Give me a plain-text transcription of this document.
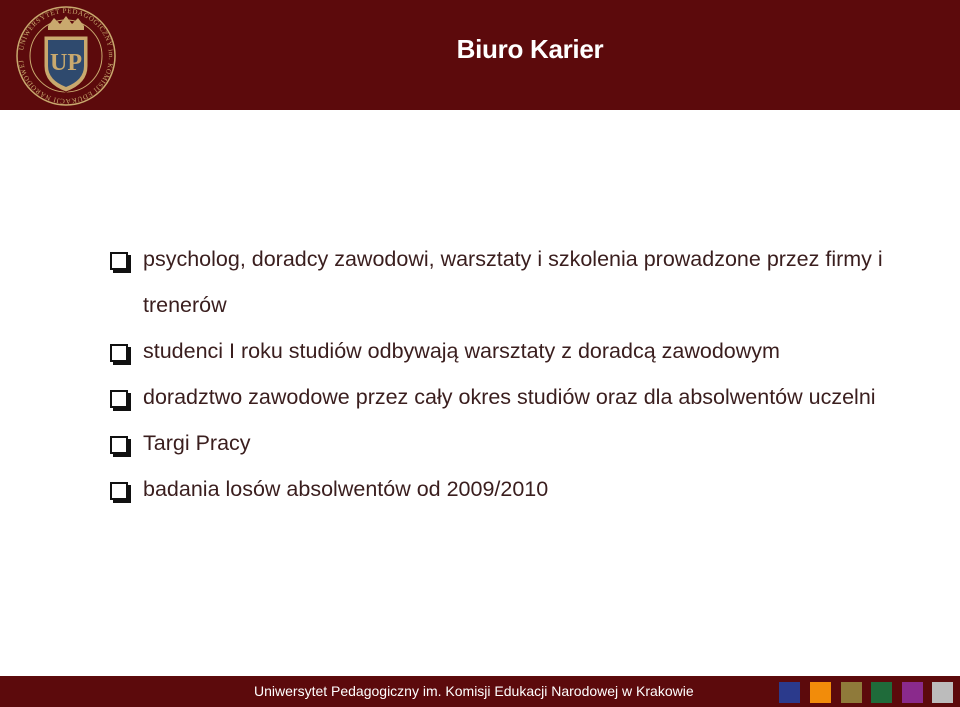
UP
UNIWERSYTET PEDAGOGICZNY im. KOMISJI EDUKACJI NARODOWEJ	Biuro Karier
psycholog, doradcy zawodowi, warsztaty i szkolenia prowadzone przez firmy i trenerów
studenci I roku studiów odbywają warsztaty z doradcą zawodowym
doradztwo zawodowe przez cały okres studiów oraz dla absolwentów uczelni
Targi Pracy
badania losów absolwentów od 2009/2010
Uniwersytet Pedagogiczny im. Komisji Edukacji Narodowej w Krakowie
